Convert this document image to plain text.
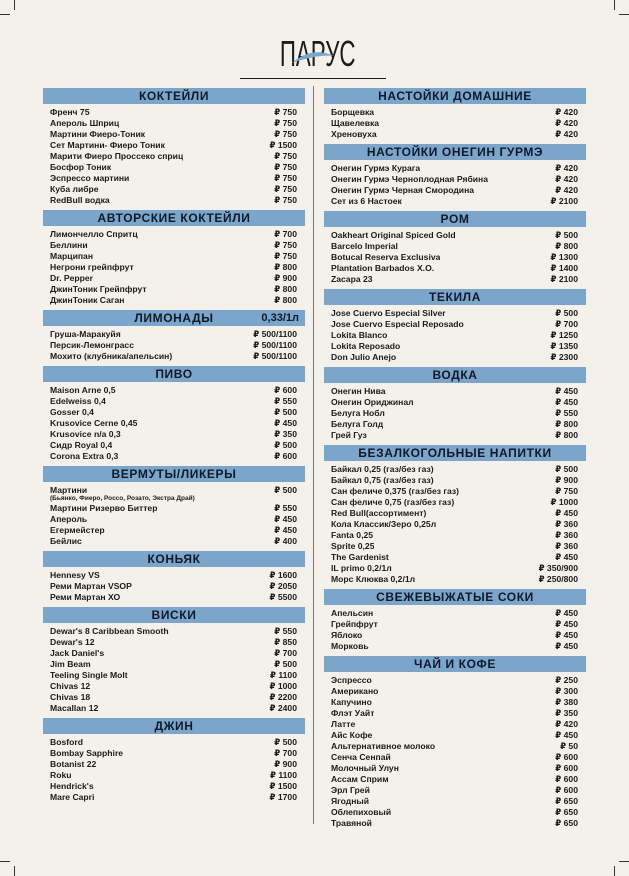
ПАРУС
КОКТЕЙЛИ
Френч 75	₽ 750
Апероль Шприц	₽ 750
Мартини Фиеро-Тоник	₽ 750
Сет Мартини- Фиеро Тоник	₽ 1500
Марити Фиеро Проссеко сприц	₽ 750
Босфор Тоник	₽ 750
Эспрессо мартини	₽ 750
Куба либре	₽ 750
RedBull водка	₽ 750
АВТОРСКИЕ КОКТЕЙЛИ
Лимончелло Спритц	₽ 700
Беллини	₽ 750
Марципан	₽ 750
Негрони грейпфрут	₽ 800
Dr. Pepper	₽ 900
ДжинТоник Грейпфрут	₽ 800
ДжинТоник Саган	₽ 800
ЛИМОНАДЫ	0,33/1л
Груша-Маракуйя	₽ 500/1100
Персик-Лемонграсс	₽ 500/1100
Мохито (клубника/апельсин)	₽ 500/1100
ПИВО
Maison Arne 0,5	₽ 600
Edelweiss 0,4	₽ 550
Gosser 0,4	₽ 500
Krusovice Cerne 0,45	₽ 450
Krusovice n/a 0,3	₽ 350
Сидр Royal 0,4	₽ 500
Corona Extra 0,3	₽ 600
ВЕРМУТЫ/ЛИКЕРЫ
Мартини	₽ 500
(Бьянко, Фиеро, Россо, Розато, Экстра Драй)
Мартини Ризерво Биттер	₽ 550
Апероль	₽ 450
Егермейстер	₽ 450
Бейлис	₽ 400
КОНЬЯК
Hennesy VS	₽ 1600
Реми Мартан VSOP	₽ 2050
Реми Мартан ХО	₽ 5500
ВИСКИ
Dewar's 8 Caribbean Smooth	₽ 550
Dewar's 12	₽ 850
Jack Daniel's	₽ 700
Jim Beam	₽ 500
Teeling Single Molt	₽ 1100
Chivas 12	₽ 1000
Chivas 18	₽ 2200
Macallan 12	₽ 2400
ДЖИН
Bosford	₽ 500
Bombay Sapphire	₽ 700
Botanist 22	₽ 900
Roku	₽ 1100
Hendrick's	₽ 1500
Mare Capri	₽ 1700
НАСТОЙКИ ДОМАШНИЕ
Борщевка	₽ 420
Щавелевка	₽ 420
Хреновуха	₽ 420
НАСТОЙКИ ОНЕГИН ГУРМЭ
Онегин Гурмэ Курага	₽ 420
Онегин Гурмэ Черноплодная Рябина	₽ 420
Онегин Гурмэ Черная Смородина	₽ 420
Сет из 6 Настоек	₽ 2100
РОМ
Oakheart Original Spiced Gold	₽ 500
Barcelo Imperial	₽ 800
Botucal Reserva Exclusiva	₽ 1300
Plantation Barbados X.O.	₽ 1400
Zacapa 23	₽ 2100
ТЕКИЛА
Jose Cuervo Especial Silver	₽ 500
Jose Cuervo Especial Reposado	₽ 700
Lokita Blanco	₽ 1250
Lokita Reposado	₽ 1350
Don Julio Anejo	₽ 2300
ВОДКА
Онегин Нива	₽ 450
Онегин Ориджинал	₽ 450
Белуга Нобл	₽ 550
Белуга Голд	₽ 800
Грей Гуз	₽ 800
БЕЗАЛКОГОЛЬНЫЕ НАПИТКИ
Байкал 0,25 (газ/без газ)	₽ 500
Байкал 0,75 (газ/без газ)	₽ 900
Сан феличе 0,375 (газ/без газ)	₽ 750
Сан феличе 0,75 (газ/без газ)	₽ 1000
Red Bull(ассортимент)	₽ 450
Кола Классик/Зеро 0,25л	₽ 360
Fanta 0,25	₽ 360
Sprite 0,25	₽ 360
The Gardenist	₽ 450
IL primo 0,2/1л	₽ 350/900
Морс Клюква 0,2/1л	₽ 250/800
СВЕЖЕВЫЖАТЫЕ СОКИ
Апельсин	₽ 450
Грейпфрут	₽ 450
Яблоко	₽ 450
Морковь	₽ 450
ЧАЙ И КОФЕ
Эспрессо	₽ 250
Американо	₽ 300
Капучино	₽ 380
Флэт Уайт	₽ 350
Латте	₽ 420
Айс Кофе	₽ 450
Альтернативное молоко	₽ 50
Сенча Сенпай	₽ 600
Молочный Улун	₽ 600
Ассам Сприм	₽ 600
Эрл Грей	₽ 600
Ягодный	₽ 650
Облепиховый	₽ 650
Травяной	₽ 650
